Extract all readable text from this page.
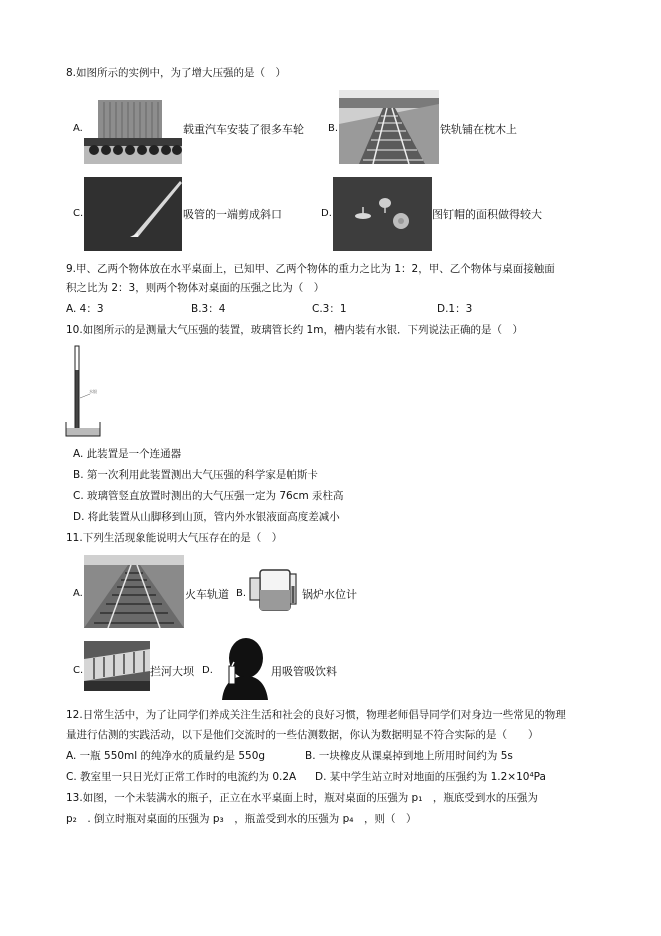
8.如图所示的实例中，为了增大压强的是（　）
A.	载重汽车安装了很多车轮 B.	铁轨铺在枕木上
C.	吸管的一端剪成斜口	D.	图钉帽的面积做得较大
9.甲、乙两个物体放在水平桌面上，已知甲、乙两个物体的重力之比为 1：2，甲、乙个物体与桌面接触面
积之比为 2：3，则两个物体对桌面的压强之比为（　）
A. 4：3	B.3：4	C.3：1	D.1：3
10.如图所示的是测量大气压强的装置，玻璃管长约 1m，槽内装有水银．下列说法正确的是（　）
水银
A. 此装置是一个连通器
B. 第一次利用此装置测出大气压强的科学家是帕斯卡
C. 玻璃管竖直放置时测出的大气压强一定为 76cm 汞柱高
D. 将此装置从山脚移到山顶，管内外水银液面高度差减小
11.下列生活现象能说明大气压存在的是（　）
A.	火车轨道 B.	锅炉水位计
C.	拦河大坝 D.	用吸管吸饮料
12.日常生活中，为了让同学们养成关注生活和社会的良好习惯，物理老师倡导同学们对身边一些常见的物理
量进行估测的实践活动，以下是他们交流时的一些估测数据，你认为数据明显不符合实际的是（　　）
A. 一瓶 550ml 的纯净水的质量约是 550g	B. 一块橡皮从课桌掉到地上所用时间约为 5s
C. 教室里一只日光灯正常工作时的电流约为 0.2A D. 某中学生站立时对地面的压强约为 1.2×10⁴Pa
13.如图，一个未装满水的瓶子，正立在水平桌面上时，瓶对桌面的压强为 p₁　，瓶底受到水的压强为
p₂　. 倒立时瓶对桌面的压强为 p₃　，瓶盖受到水的压强为 p₄　，则（　）
